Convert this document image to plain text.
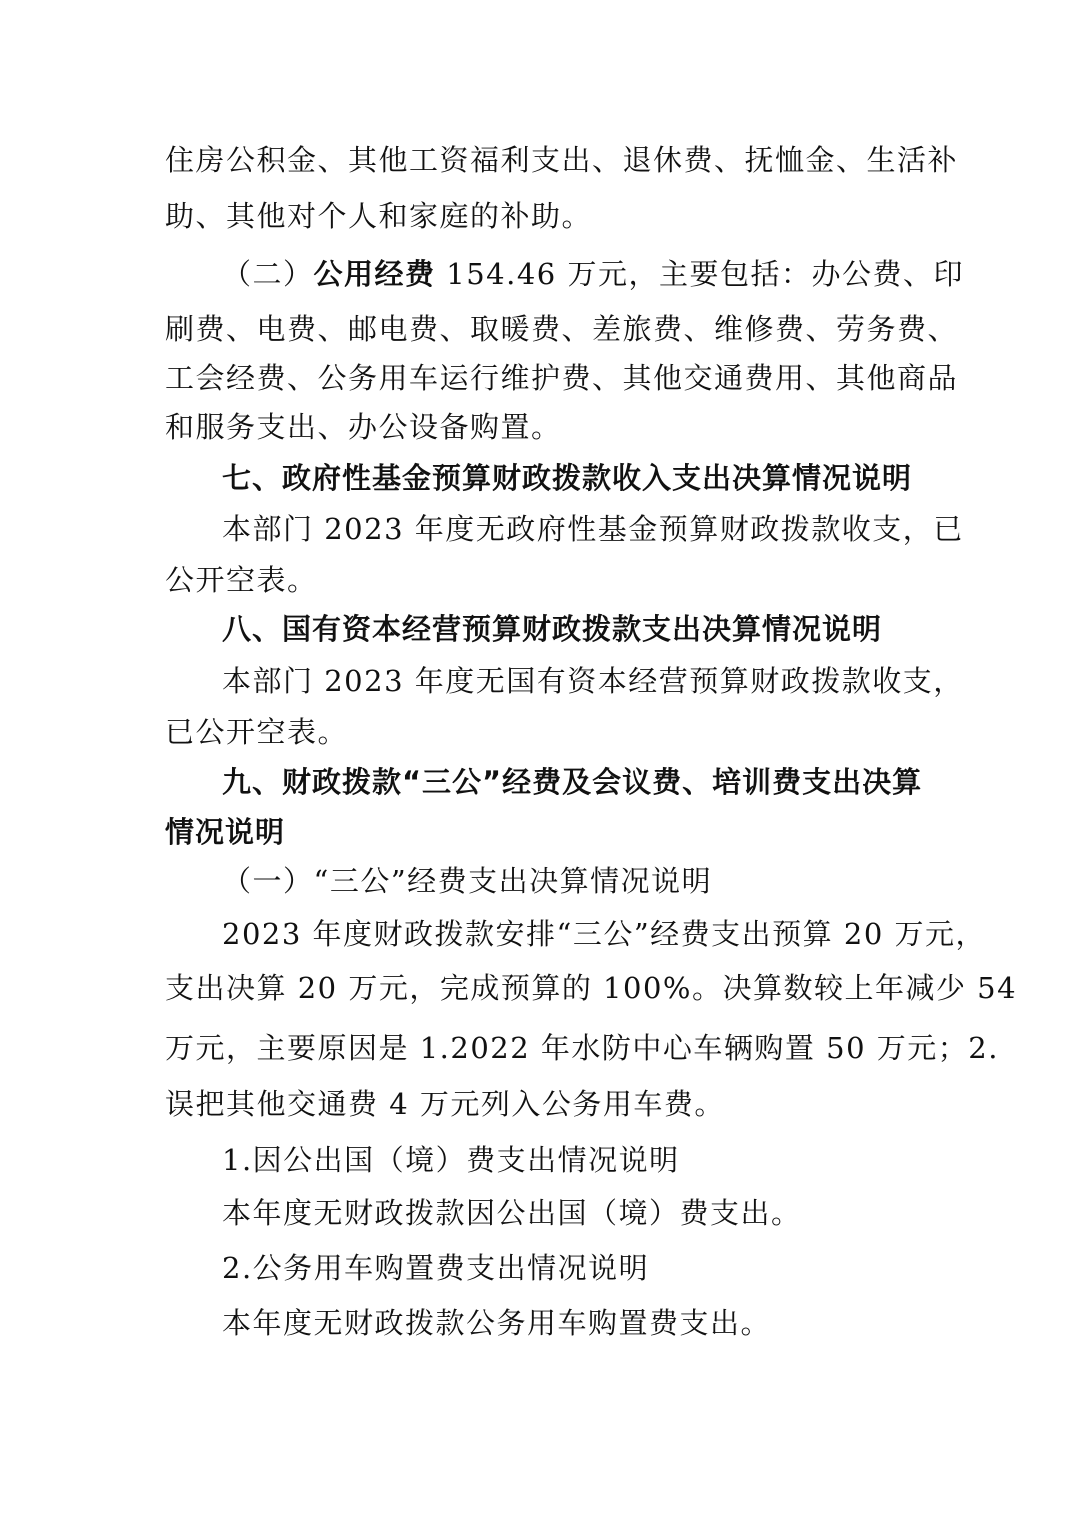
住房公积金、其他工资福利支出、退休费、抚恤金、生活补
助、其他对个人和家庭的补助。
（二）公用经费 154.46 万元，主要包括：办公费、印
刷费、电费、邮电费、取暖费、差旅费、维修费、劳务费、
工会经费、公务用车运行维护费、其他交通费用、其他商品
和服务支出、办公设备购置。
七、政府性基金预算财政拨款收入支出决算情况说明
本部门 2023 年度无政府性基金预算财政拨款收支，已
公开空表。
八、国有资本经营预算财政拨款支出决算情况说明
本部门 2023 年度无国有资本经营预算财政拨款收支，
已公开空表。
九、财政拨款“三公”经费及会议费、培训费支出决算
情况说明
（一）“三公”经费支出决算情况说明
2023 年度财政拨款安排“三公”经费支出预算 20 万元，
支出决算 20 万元，完成预算的 100%。决算数较上年减少 54
万元，主要原因是 1.2022 年水防中心车辆购置 50 万元；2.
误把其他交通费 4 万元列入公务用车费。
1.因公出国（境）费支出情况说明
本年度无财政拨款因公出国（境）费支出。
2.公务用车购置费支出情况说明
本年度无财政拨款公务用车购置费支出。
